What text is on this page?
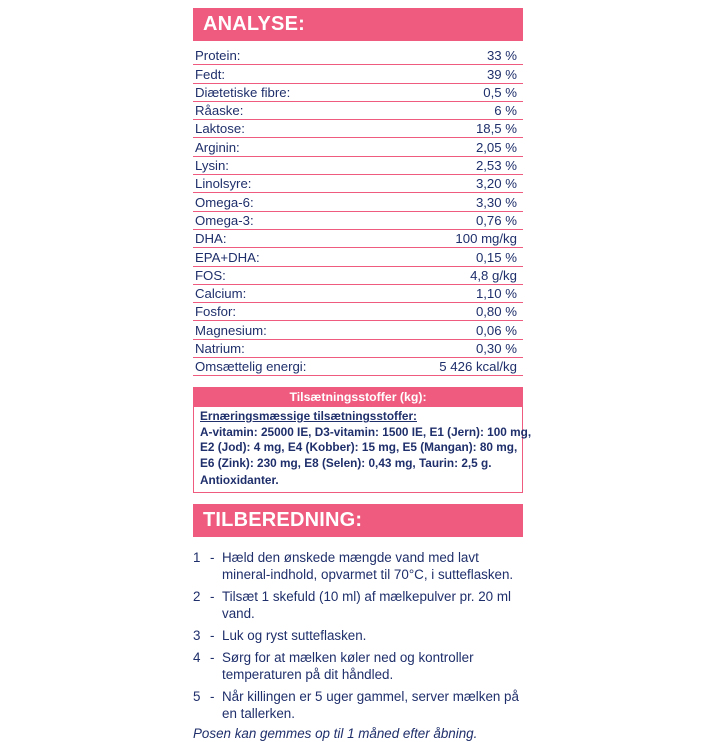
ANALYSE:
Protein:	33 %
Fedt:	39 %
Diætetiske fibre:	0,5 %
Råaske:	6 %
Laktose:	18,5 %
Arginin:	2,05 %
Lysin:	2,53 %
Linolsyre:	3,20 %
Omega-6:	3,30 %
Omega-3:	0,76 %
DHA:	100 mg/kg
EPA+DHA:	0,15 %
FOS:	4,8 g/kg
Calcium:	1,10 %
Fosfor:	0,80 %
Magnesium:	0,06 %
Natrium:	0,30 %
Omsættelig energi:	5 426 kcal/kg
Tilsætningsstoffer (kg):
Ernæringsmæssige tilsætningsstoffer:
A-vitamin: 25000 IE, D3-vitamin: 1500 IE, E1 (Jern): 100 mg,
E2 (Jod): 4 mg, E4 (Kobber): 15 mg, E5 (Mangan): 80 mg,
E6 (Zink): 230 mg, E8 (Selen): 0,43 mg, Taurin: 2,5 g.
Antioxidanter.
TILBEREDNING:
1 - Hæld den ønskede mængde vand med lavt mineral-indhold, opvarmet til 70°C, i sutteflasken.
2 - Tilsæt 1 skefuld (10 ml) af mælkepulver pr. 20 ml vand.
3 - Luk og ryst sutteflasken.
4 - Sørg for at mælken køler ned og kontroller temperaturen på dit håndled.
5 - Når killingen er 5 uger gammel, server mælken på en tallerken.
Posen kan gemmes op til 1 måned efter åbning.
